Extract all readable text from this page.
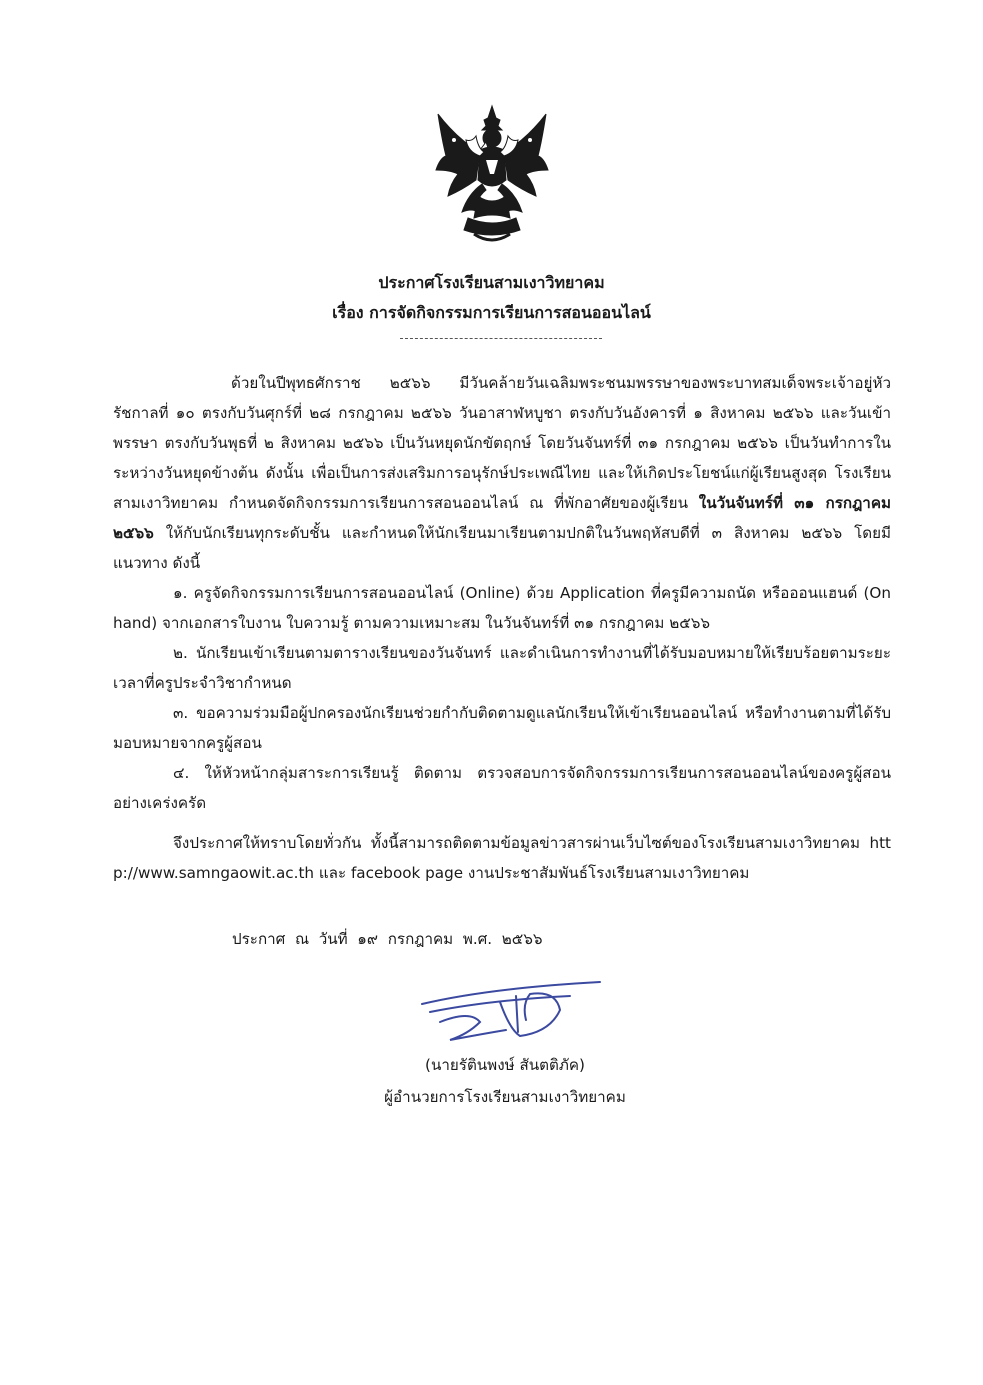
ประกาศโรงเรียนสามเงาวิทยาคม
เรื่อง การจัดกิจกรรมการเรียนการสอนออนไลน์

ด้วยในปีพุทธศักราช ๒๕๖๖ มีวันคล้ายวันเฉลิมพระชนมพรรษาของพระบาทสมเด็จพระเจ้าอยู่หัว รัชกาลที่ ๑๐ ตรงกับวันศุกร์ที่ ๒๘ กรกฎาคม ๒๕๖๖ วันอาสาฬหบูชา ตรงกับวันอังคารที่ ๑ สิงหาคม ๒๕๖๖ และวันเข้าพรรษา ตรงกับวันพุธที่ ๒ สิงหาคม ๒๕๖๖ เป็นวันหยุดนักขัตฤกษ์ โดยวันจันทร์ที่ ๓๑ กรกฎาคม ๒๕๖๖ เป็นวันทำการในระหว่างวันหยุดข้างต้น ดังนั้น เพื่อเป็นการส่งเสริมการอนุรักษ์ประเพณีไทย และให้เกิดประโยชน์แก่ผู้เรียนสูงสุด โรงเรียนสามเงาวิทยาคม กำหนดจัดกิจกรรมการเรียนการสอนออนไลน์ ณ ที่พักอาศัยของผู้เรียน ในวันจันทร์ที่ ๓๑ กรกฎาคม ๒๕๖๖ ให้กับนักเรียนทุกระดับชั้น และกำหนดให้นักเรียนมาเรียนตามปกติในวันพฤหัสบดีที่ ๓ สิงหาคม ๒๕๖๖ โดยมีแนวทาง ดังนี้

๑. ครูจัดกิจกรรมการเรียนการสอนออนไลน์ (Online) ด้วย Application ที่ครูมีความถนัด หรือออนแฮนด์ (On hand) จากเอกสารใบงาน ใบความรู้ ตามความเหมาะสม ในวันจันทร์ที่ ๓๑ กรกฎาคม ๒๕๖๖

๒. นักเรียนเข้าเรียนตามตารางเรียนของวันจันทร์ และดำเนินการทำงานที่ได้รับมอบหมายให้เรียบร้อยตามระยะเวลาที่ครูประจำวิชากำหนด

๓. ขอความร่วมมือผู้ปกครองนักเรียนช่วยกำกับติดตามดูแลนักเรียนให้เข้าเรียนออนไลน์ หรือทำงานตามที่ได้รับมอบหมายจากครูผู้สอน

๔. ให้หัวหน้ากลุ่มสาระการเรียนรู้ ติดตาม ตรวจสอบการจัดกิจกรรมการเรียนการสอนออนไลน์ของครูผู้สอนอย่างเคร่งครัด

จึงประกาศให้ทราบโดยทั่วกัน ทั้งนี้สามารถติดตามข้อมูลข่าวสารผ่านเว็บไซต์ของโรงเรียนสามเงาวิทยาคม http://www.samngaowit.ac.th และ facebook page งานประชาสัมพันธ์โรงเรียนสามเงาวิทยาคม

ประกาศ  ณ  วันที่  ๑๙  กรกฎาคม  พ.ศ.  ๒๕๖๖
(นายรัตินพงษ์ สันตติภัค)
ผู้อำนวยการโรงเรียนสามเงาวิทยาคม
